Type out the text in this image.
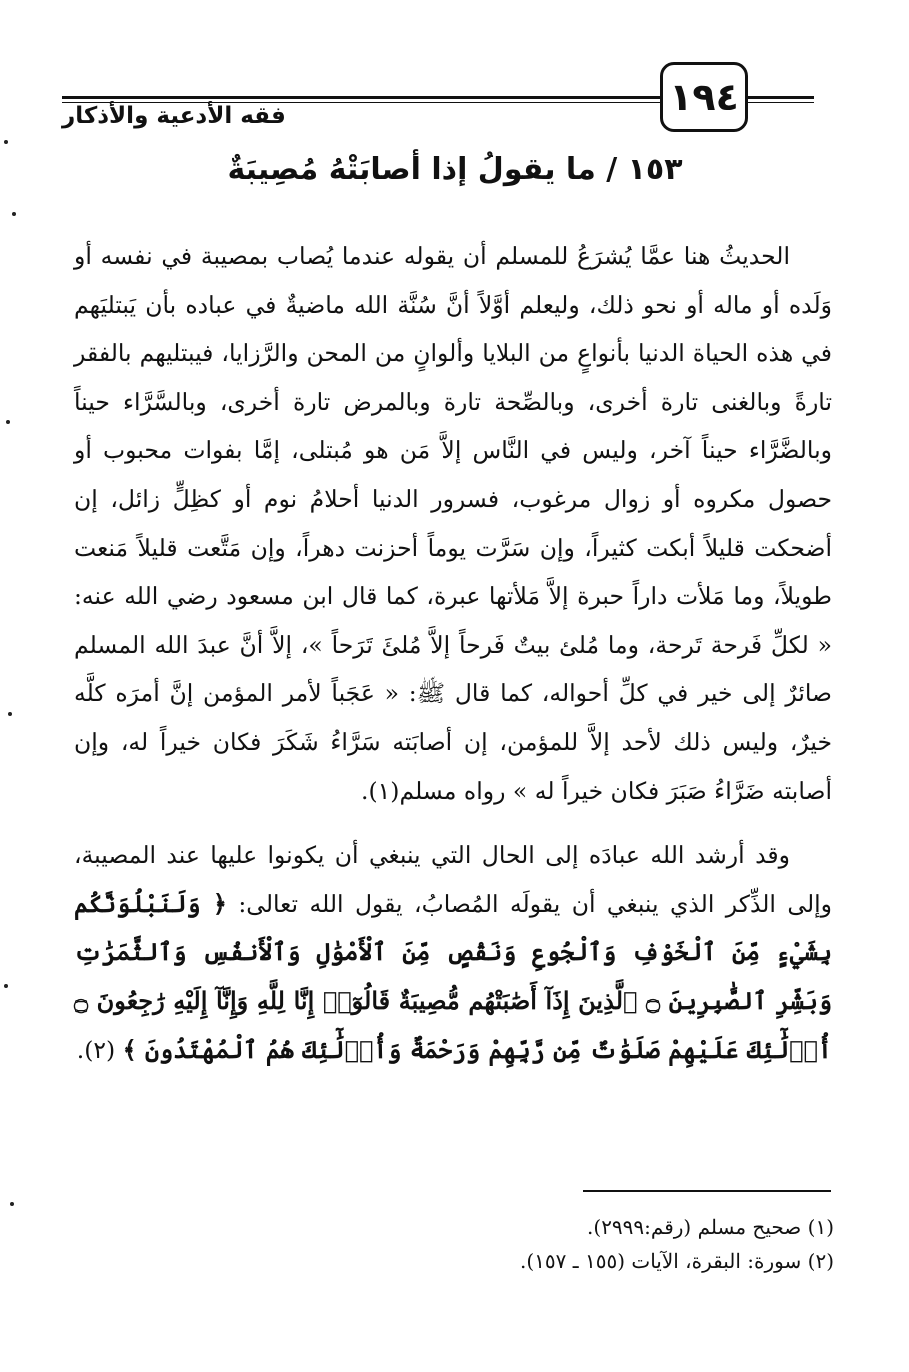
١٩٤
فقه الأدعية والأذكار
١٥٣ / ما يقولُ إذا أصابَتْهُ مُصِيبَةٌ

الحديثُ هنا عمَّا يُشرَعُ للمسلم أن يقوله عندما يُصاب بمصيبة في نفسه أو وَلَده أو ماله أو نحو ذلك، وليعلم أوَّلاً أنَّ سُنَّة الله ماضيةٌ في عباده بأن يَبتليَهم في هذه الحياة الدنيا بأنواعٍ من البلايا وألوانٍ من المحن والرَّزايا، فيبتليهم بالفقر تارةً وبالغنى تارة أخرى، وبالصِّحة تارة وبالمرض تارة أخرى، وبالسَّرَّاء حيناً وبالضَّرَّاء حيناً آخر، وليس في النَّاس إلاَّ مَن هو مُبتلى، إمَّا بفوات محبوب أو حصول مكروه أو زوال مرغوب، فسرور الدنيا أحلامُ نوم أو كظِلٍّ زائل، إن أضحكت قليلاً أبكت كثيراً، وإن سَرَّت يوماً أحزنت دهراً، وإن مَتَّعت قليلاً مَنعت طويلاً، وما مَلأت داراً حبرة إلاَّ مَلأتها عبرة، كما قال ابن مسعود رضي الله عنه: « لكلِّ فَرحة تَرحة، وما مُلئ بيتٌ فَرحاً إلاَّ مُلئَ تَرَحاً »، إلاَّ أنَّ عبدَ الله المسلم صائرٌ إلى خير في كلِّ أحواله، كما قال ﷺ: « عَجَباً لأمر المؤمن إنَّ أمرَه كلَّه خيرٌ، وليس ذلك لأحد إلاَّ للمؤمن، إن أصابَته سَرَّاءُ شَكَرَ فكان خيراً له، وإن أصابته ضَرَّاءُ صَبَرَ فكان خيراً له » رواه مسلم(١).

وقد أرشد الله عبادَه إلى الحال التي ينبغي أن يكونوا عليها عند المصيبة، وإلى الذِّكر الذي ينبغي أن يقولَه المُصابُ، يقول الله تعالى: ﴿ وَلَنَبْلُوَنَّكُم بِشَيْءٍ مِّنَ ٱلْخَوْفِ وَٱلْجُوعِ وَنَقْصٍ مِّنَ ٱلْأَمْوَٰلِ وَٱلْأَنفُسِ وَٱلثَّمَرَٰتِ وَبَشِّرِ ٱلصَّٰبِرِينَ ۝ ٱلَّذِينَ إِذَآ أَصَٰبَتْهُم مُّصِيبَةٌ قَالُوٓا۟ إِنَّا لِلَّهِ وَإِنَّآ إِلَيْهِ رَٰجِعُونَ ۝ أُو۟لَٰٓئِكَ عَلَيْهِمْ صَلَوَٰتٌ مِّن رَّبِّهِمْ وَرَحْمَةٌ وَأُو۟لَٰٓئِكَ هُمُ ٱلْمُهْتَدُونَ ﴾ (٢).

(١) صحيح مسلم (رقم:٢٩٩٩).
(٢) سورة: البقرة، الآيات (١٥٥ ـ ١٥٧).
